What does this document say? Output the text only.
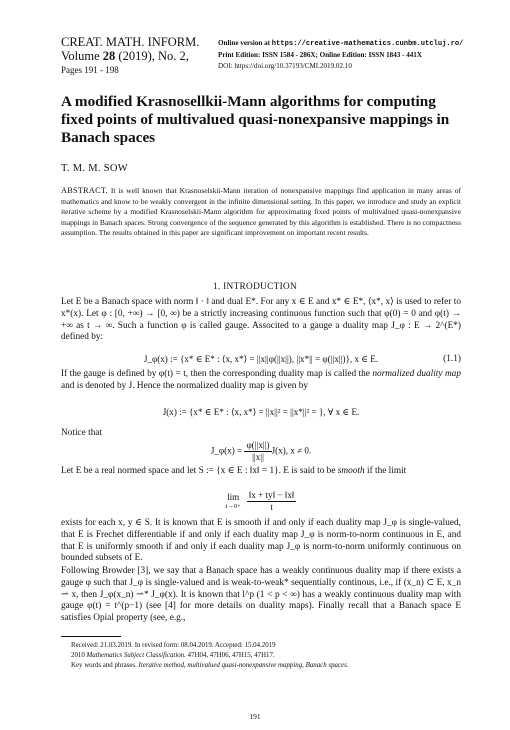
CREAT. MATH. INFORM.
Volume 28 (2019), No. 2,
Pages 191 - 198
Online version at https://creative-mathematics.cunbm.utcluj.ro/
Print Edition: ISSN 1584 - 286X; Online Edition: ISSN 1843 - 441X
DOI: https://doi.org/10.37193/CMI.2019.02.10
A modified Krasnosellkii-Mann algorithms for computing fixed points of multivalued quasi-nonexpansive mappings in Banach spaces
T. M. M. SOW
ABSTRACT. It is well known that Krasnoselskii-Mann iteration of nonexpansive mappings find application in many areas of mathematics and know to be weakly convergent in the infinite dimensional setting. In this paper, we introduce and study an explicit iterative scheme by a modified Krasnoselskii-Mann algorithm for approximating fixed points of multivalued quasi-nonexpansive mappings in Banach spaces. Strong convergence of the sequence generated by this algorithm is established. There is no compactness assumption. The results obtained in this paper are significant improvement on important recent results.
1. INTRODUCTION
Let E be a Banach space with norm ‖ · ‖ and dual E*. For any x ∈ E and x* ∈ E*, ⟨x*, x⟩ is used to refer to x*(x). Let φ : [0, +∞) → [0, ∞) be a strictly increasing continuous function such that φ(0) = 0 and φ(t) → +∞ as t → ∞. Such a function φ is called gauge. Associted to a gauge a duality map J_φ : E → 2^(E*) defined by:
J_φ(x) := {x* ∈ E* : ⟨x, x*⟩ = ||x||φ(||x||), ||x*|| = φ(||x||)}, x ∈ E.	(1.1)
If the gauge is defined by φ(t) = t, then the corresponding duality map is called the normalized duality map and is denoted by J. Hence the normalized duality map is given by
J(x) := {x* ∈ E* : ⟨x, x*⟩ = ||x||² = ||x*||² = }, ∀ x ∈ E.
Notice that
J_φ(x) = $\frac{\varphi(||x||)}{||x||} J(x)$, x ≠ 0.
Let E be a real normed space and let S := {x ∈ E : ‖x‖ = 1}. E is said to be smooth if the limit
lim
$t\to 0+ \frac{‖x + ty‖ - ‖x‖}{t}$
exists for each x, y ∈ S. It is known that E is smooth if and only if each duality map J_φ is single-valued, that E is Frechet differentiable if and only if each duality map J_φ is norm-to-norm continuous in E, and that E is uniformly smooth if and only if each duality map J_φ is norm-to-norm uniformly continuous on bounded subsets of E.
Following Browder [3], we say that a Banach space has a weakly continuous duality map if there exists a gauge φ such that J_φ is single-valued and is weak-to-weak* sequentially continous, i.e., if (x_n) ⊂ E, x_n ⇀ x, then J_φ(x_n) ⇀* J_φ(x). It is known that l^p (1 < p < ∞) has a weakly continuous duality map with gauge φ(t) = t^(p−1) (see [4] for more details on duality maps). Finally recall that a Banach space E satisfies Opial property (see, e.g.,
Received: 21.03.2019. In revised form: 08.04.2019. Accepted: 15.04.2019
2010 Mathematics Subject Classification. 47H04, 47H06, 47H15, 47H17.
Key words and phrases. Iterative method, multivalued quasi-nonexpansive mapping, Banach spaces.
191
